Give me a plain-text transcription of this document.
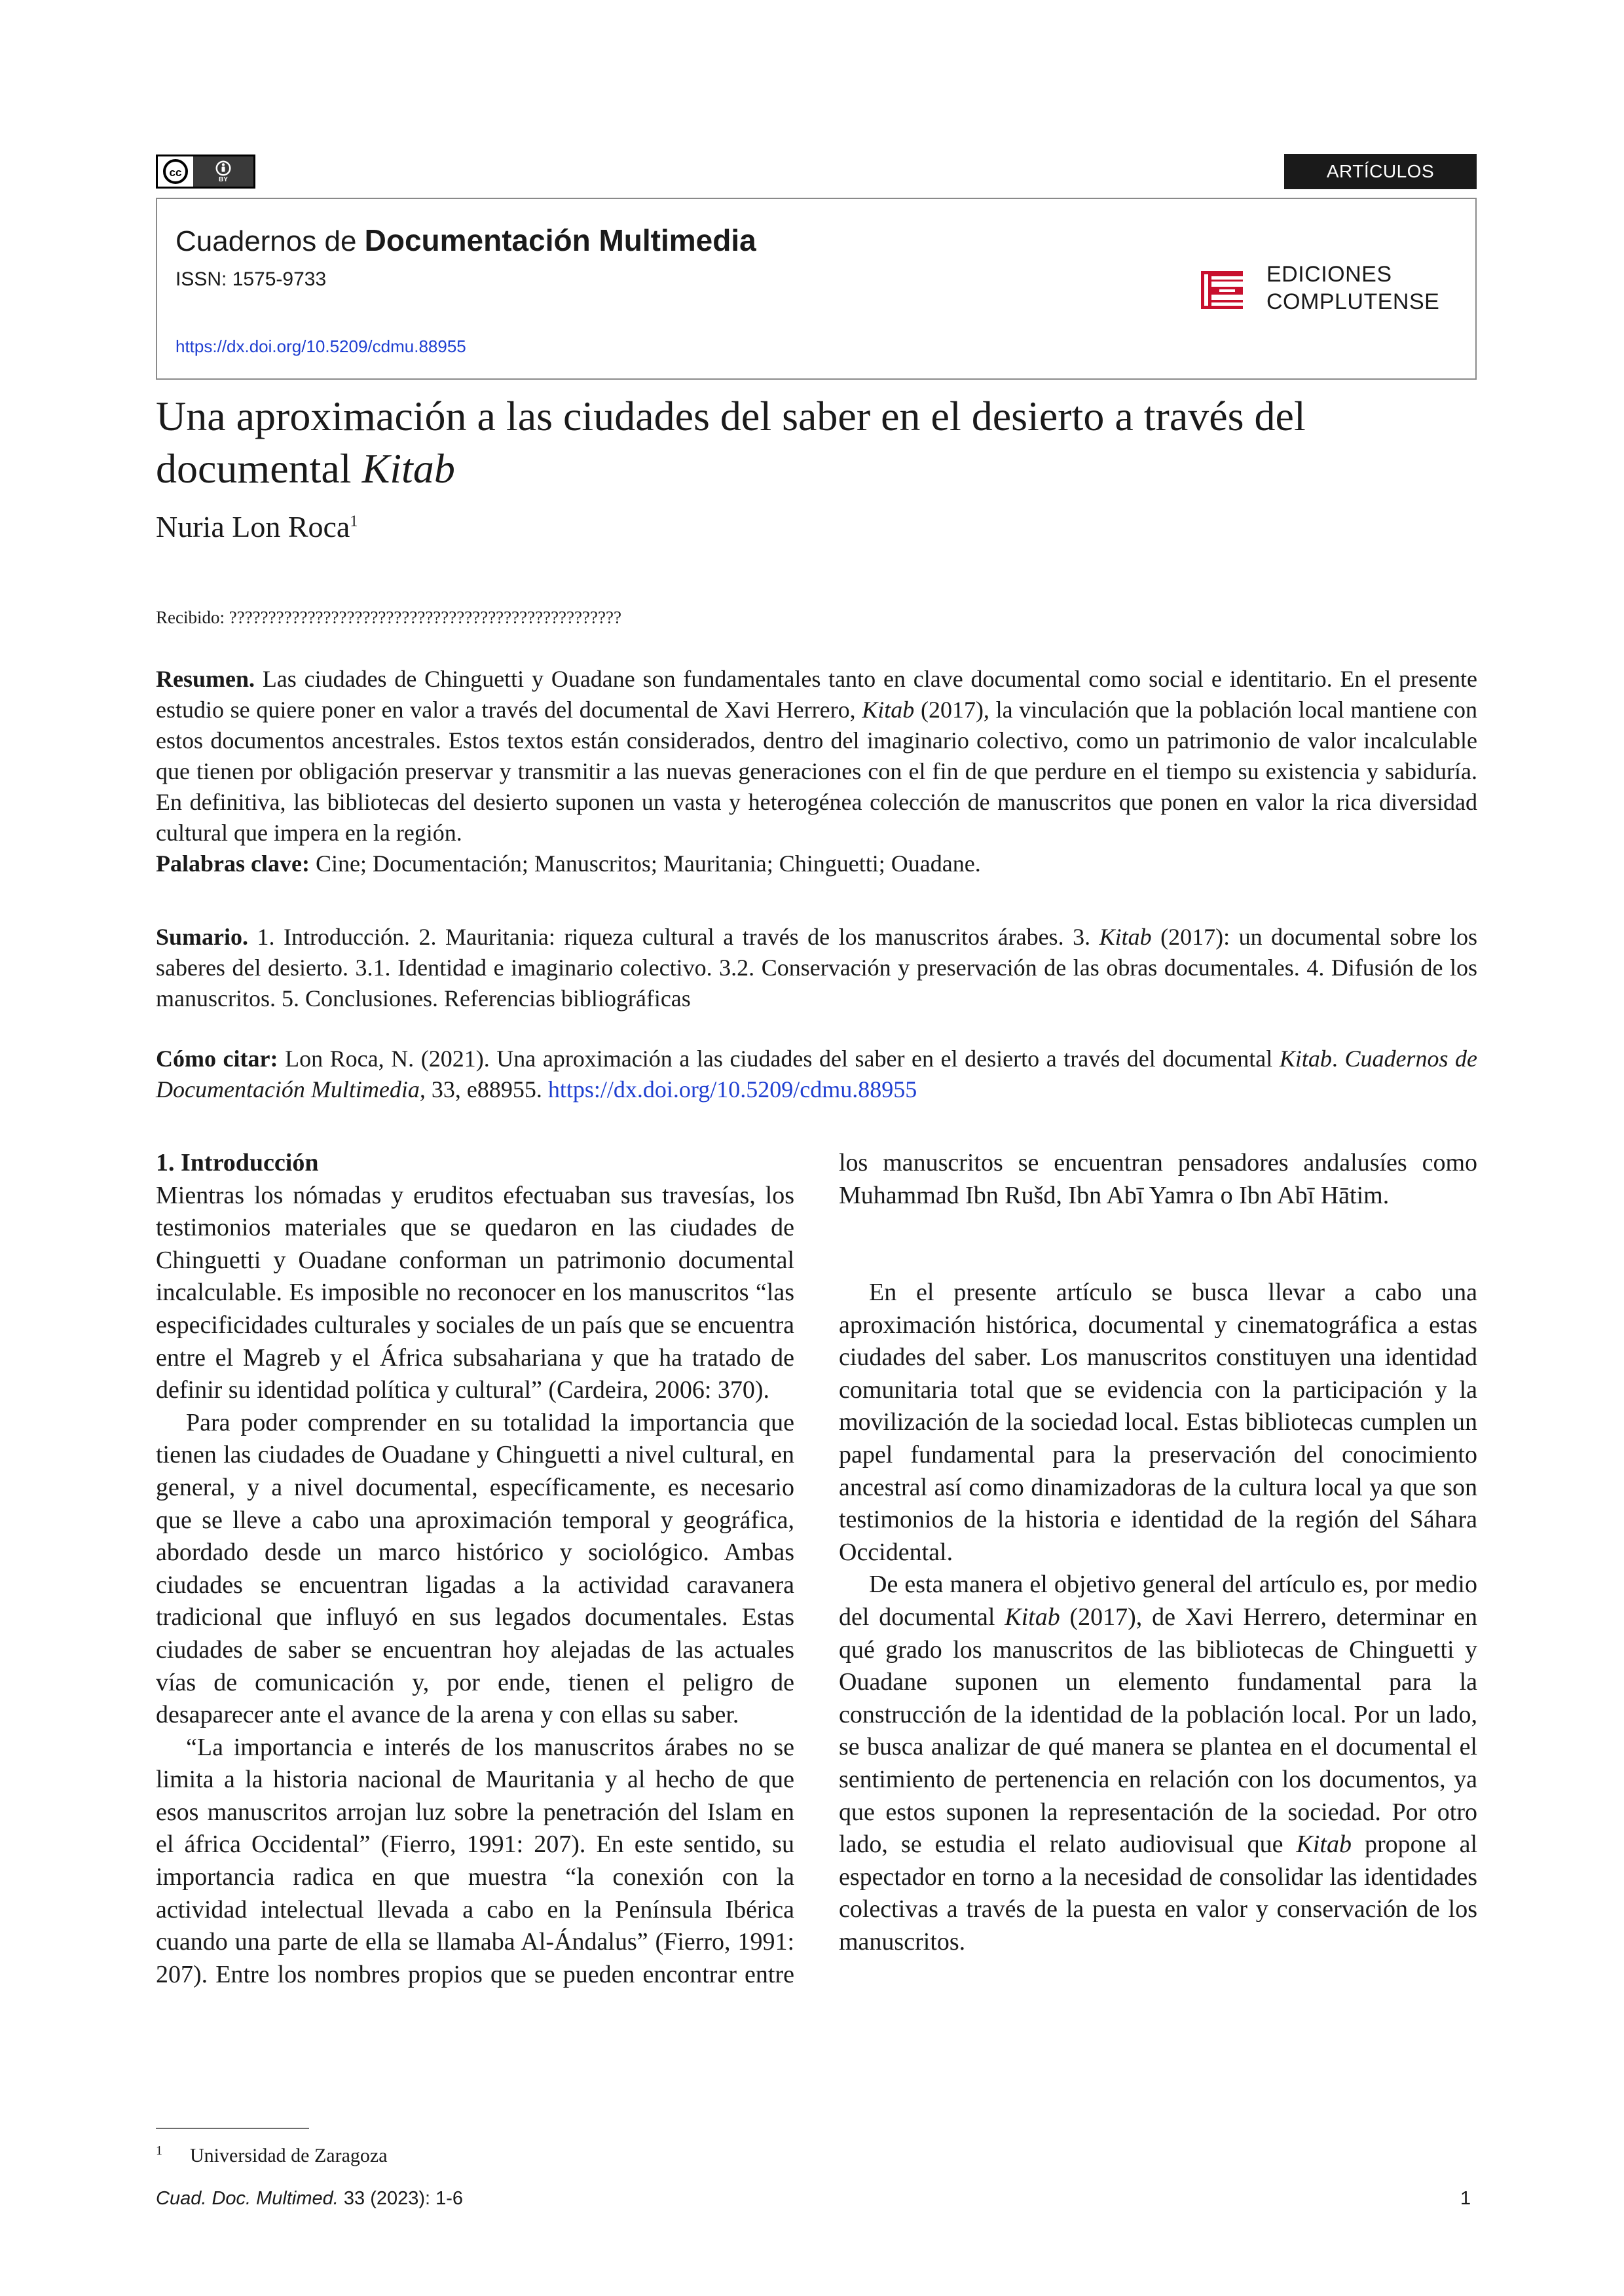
cc
BY	ARTÍCULOS
Cuadernos de Documentación Multimedia
ISSN: 1575-9733
https://dx.doi.org/10.5209/cdmu.88955
EDICIONES
COMPLUTENSE
Una aproximación a las ciudades del saber en el desierto a través del documental Kitab
Nuria Lon Roca$^1$
Recibido: ??????????????????????????????????????????????????

Resumen. Las ciudades de Chinguetti y Ouadane son fundamentales tanto en clave documental como social e identitario. En el presente estudio se quiere poner en valor a través del documental de Xavi Herrero, Kitab (2017), la vinculación que la población local mantiene con estos documentos ancestrales. Estos textos están considerados, dentro del imaginario colectivo, como un patrimonio de valor incalculable que tienen por obligación preservar y transmitir a las nuevas generaciones con el fin de que perdure en el tiempo su existencia y sabiduría. En definitiva, las bibliotecas del desierto suponen un vasta y heterogénea colección de manuscritos que ponen en valor la rica diversidad cultural que impera en la región.

Palabras clave: Cine; Documentación; Manuscritos; Mauritania; Chinguetti; Ouadane.

Sumario. 1. Introducción. 2. Mauritania: riqueza cultural a través de los manuscritos árabes. 3. Kitab (2017): un documental sobre los saberes del desierto. 3.1. Identidad e imaginario colectivo. 3.2. Conservación y preservación de las obras documentales. 4. Difusión de los manuscritos. 5. Conclusiones. Referencias bibliográficas

Cómo citar: Lon Roca, N. (2021). Una aproximación a las ciudades del saber en el desierto a través del documental Kitab. Cuadernos de Documentación Multimedia, 33, e88955. https://dx.doi.org/10.5209/cdmu.88955

1. Introducción

Mientras los nómadas y eruditos efectuaban sus travesías, los testimonios materiales que se quedaron en las ciudades de Chinguetti y Ouadane conforman un patrimonio documental incalculable. Es imposible no reconocer en los manuscritos “las especificidades culturales y sociales de un país que se encuentra entre el Magreb y el África subsahariana y que ha tratado de definir su identidad política y cultural” (Cardeira, 2006: 370).

Para poder comprender en su totalidad la importancia que tienen las ciudades de Ouadane y Chinguetti a nivel cultural, en general, y a nivel documental, específicamente, es necesario que se lleve a cabo una aproximación temporal y geográfica, abordado desde un marco histórico y sociológico. Ambas ciudades se encuentran ligadas a la actividad caravanera tradicional que influyó en sus legados documentales. Estas ciudades de saber se encuentran hoy alejadas de las actuales vías de comunicación y, por ende, tienen el peligro de desaparecer ante el avance de la arena y con ellas su saber.

“La importancia e interés de los manuscritos árabes no se limita a la historia nacional de Mauritania y al hecho de que esos manuscritos arrojan luz sobre la penetración del Islam en el áfrica Occidental” (Fierro, 1991: 207). En este sentido, su importancia radica en que muestra “la conexión con la actividad intelectual llevada a cabo en la Península Ibérica cuando una parte de ella se llamaba Al-Ándalus” (Fierro, 1991: 207). Entre los nombres propios que se pueden encontrar entre

los manuscritos se encuentran pensadores andalusíes como Muhammad Ibn Rušd, Ibn Abī Yamra o Ibn Abī Hātim.

En el presente artículo se busca llevar a cabo una aproximación histórica, documental y cinematográfica a estas ciudades del saber. Los manuscritos constituyen una identidad comunitaria total que se evidencia con la participación y la movilización de la sociedad local. Estas bibliotecas cumplen un papel fundamental para la preservación del conocimiento ancestral así como dinamizadoras de la cultura local ya que son testimonios de la historia e identidad de la región del Sáhara Occidental.

De esta manera el objetivo general del artículo es, por medio del documental Kitab (2017), de Xavi Herrero, determinar en qué grado los manuscritos de las bibliotecas de Chinguetti y Ouadane suponen un elemento fundamental para la construcción de la identidad de la población local. Por un lado, se busca analizar de qué manera se plantea en el documental el sentimiento de pertenencia en relación con los documentos, ya que estos suponen la representación de la sociedad. Por otro lado, se estudia el relato audiovisual que Kitab propone al espectador en torno a la necesidad de consolidar las identidades colectivas a través de la puesta en valor y conservación de los manuscritos.

$^1$ Universidad de Zaragoza
Cuad. Doc. Multimed. 33 (2023): 1-6	1
